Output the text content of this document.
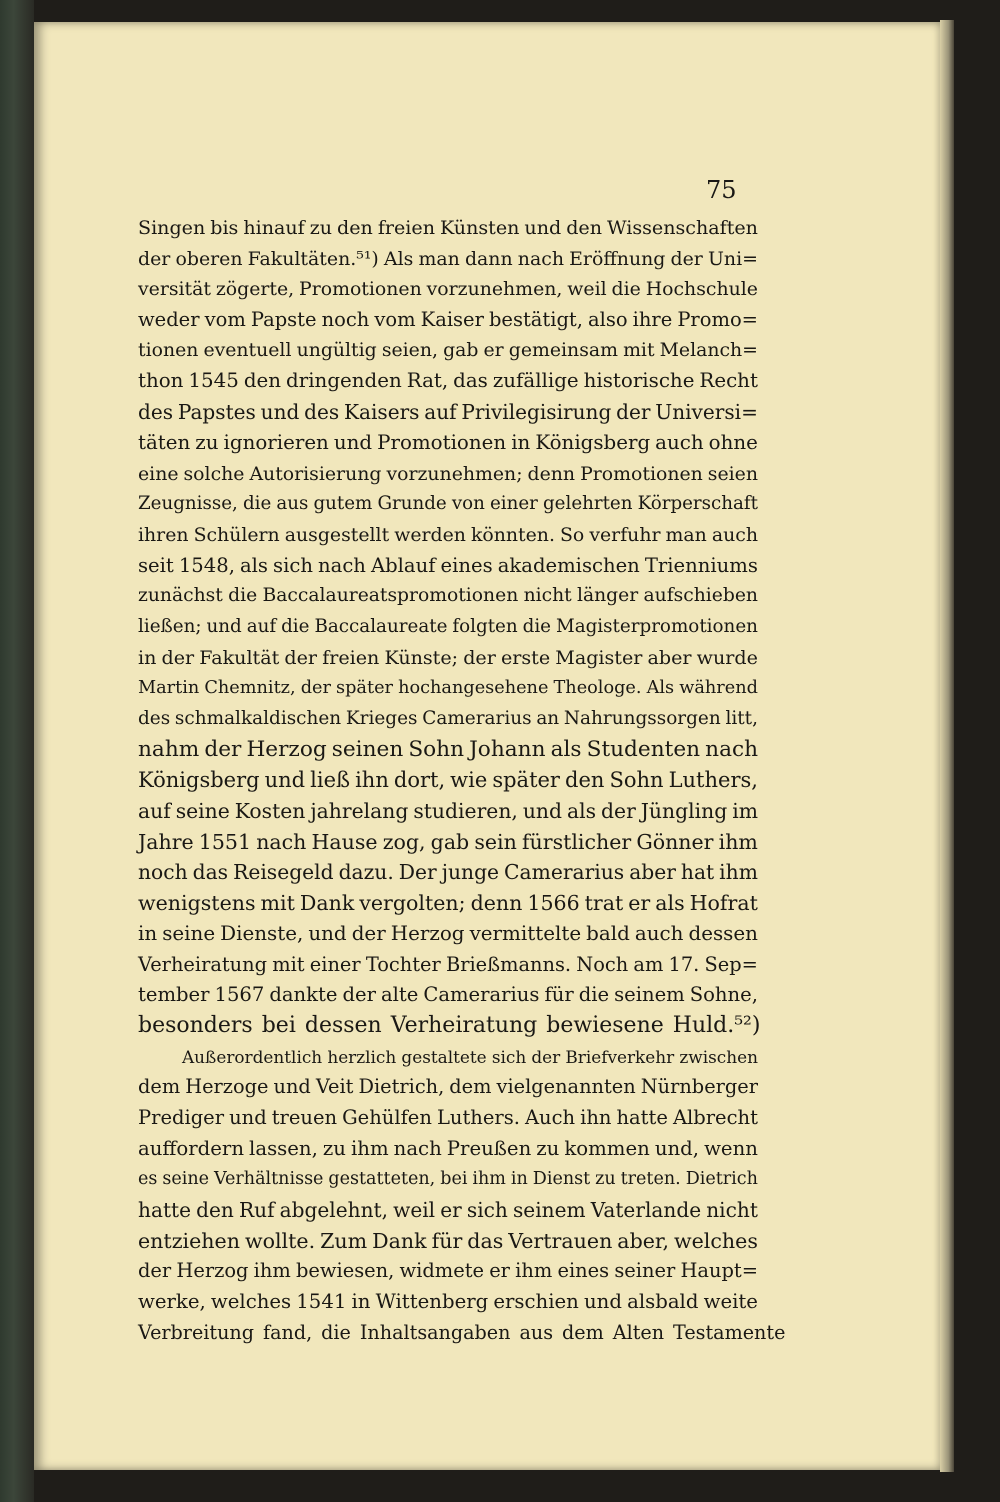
75
Singen bis hinauf zu den freien Künsten und den Wissenschaften
der oberen Fakultäten.⁵¹) Als man dann nach Eröffnung der Uni=
versität zögerte, Promotionen vorzunehmen, weil die Hochschule
weder vom Papste noch vom Kaiser bestätigt, also ihre Promo=
tionen eventuell ungültig seien, gab er gemeinsam mit Melanch=
thon 1545 den dringenden Rat, das zufällige historische Recht
des Papstes und des Kaisers auf Privilegisirung der Universi=
täten zu ignorieren und Promotionen in Königsberg auch ohne
eine solche Autorisierung vorzunehmen; denn Promotionen seien
Zeugnisse, die aus gutem Grunde von einer gelehrten Körperschaft
ihren Schülern ausgestellt werden könnten. So verfuhr man auch
seit 1548, als sich nach Ablauf eines akademischen Trienniums
zunächst die Baccalaureatspromotionen nicht länger aufschieben
ließen; und auf die Baccalaureate folgten die Magisterpromotionen
in der Fakultät der freien Künste; der erste Magister aber wurde
Martin Chemnitz, der später hochangesehene Theologe. Als während
des schmalkaldischen Krieges Camerarius an Nahrungssorgen litt,
nahm der Herzog seinen Sohn Johann als Studenten nach
Königsberg und ließ ihn dort, wie später den Sohn Luthers,
auf seine Kosten jahrelang studieren, und als der Jüngling im
Jahre 1551 nach Hause zog, gab sein fürstlicher Gönner ihm
noch das Reisegeld dazu. Der junge Camerarius aber hat ihm
wenigstens mit Dank vergolten; denn 1566 trat er als Hofrat
in seine Dienste, und der Herzog vermittelte bald auch dessen
Verheiratung mit einer Tochter Brießmanns. Noch am 17. Sep=
tember 1567 dankte der alte Camerarius für die seinem Sohne,
besonders bei dessen Verheiratung bewiesene Huld.⁵²)
Außerordentlich herzlich gestaltete sich der Briefverkehr zwischen
dem Herzoge und Veit Dietrich, dem vielgenannten Nürnberger
Prediger und treuen Gehülfen Luthers. Auch ihn hatte Albrecht
auffordern lassen, zu ihm nach Preußen zu kommen und, wenn
es seine Verhältnisse gestatteten, bei ihm in Dienst zu treten. Dietrich
hatte den Ruf abgelehnt, weil er sich seinem Vaterlande nicht
entziehen wollte. Zum Dank für das Vertrauen aber, welches
der Herzog ihm bewiesen, widmete er ihm eines seiner Haupt=
werke, welches 1541 in Wittenberg erschien und alsbald weite
Verbreitung fand, die Inhaltsangaben aus dem Alten Testamente
